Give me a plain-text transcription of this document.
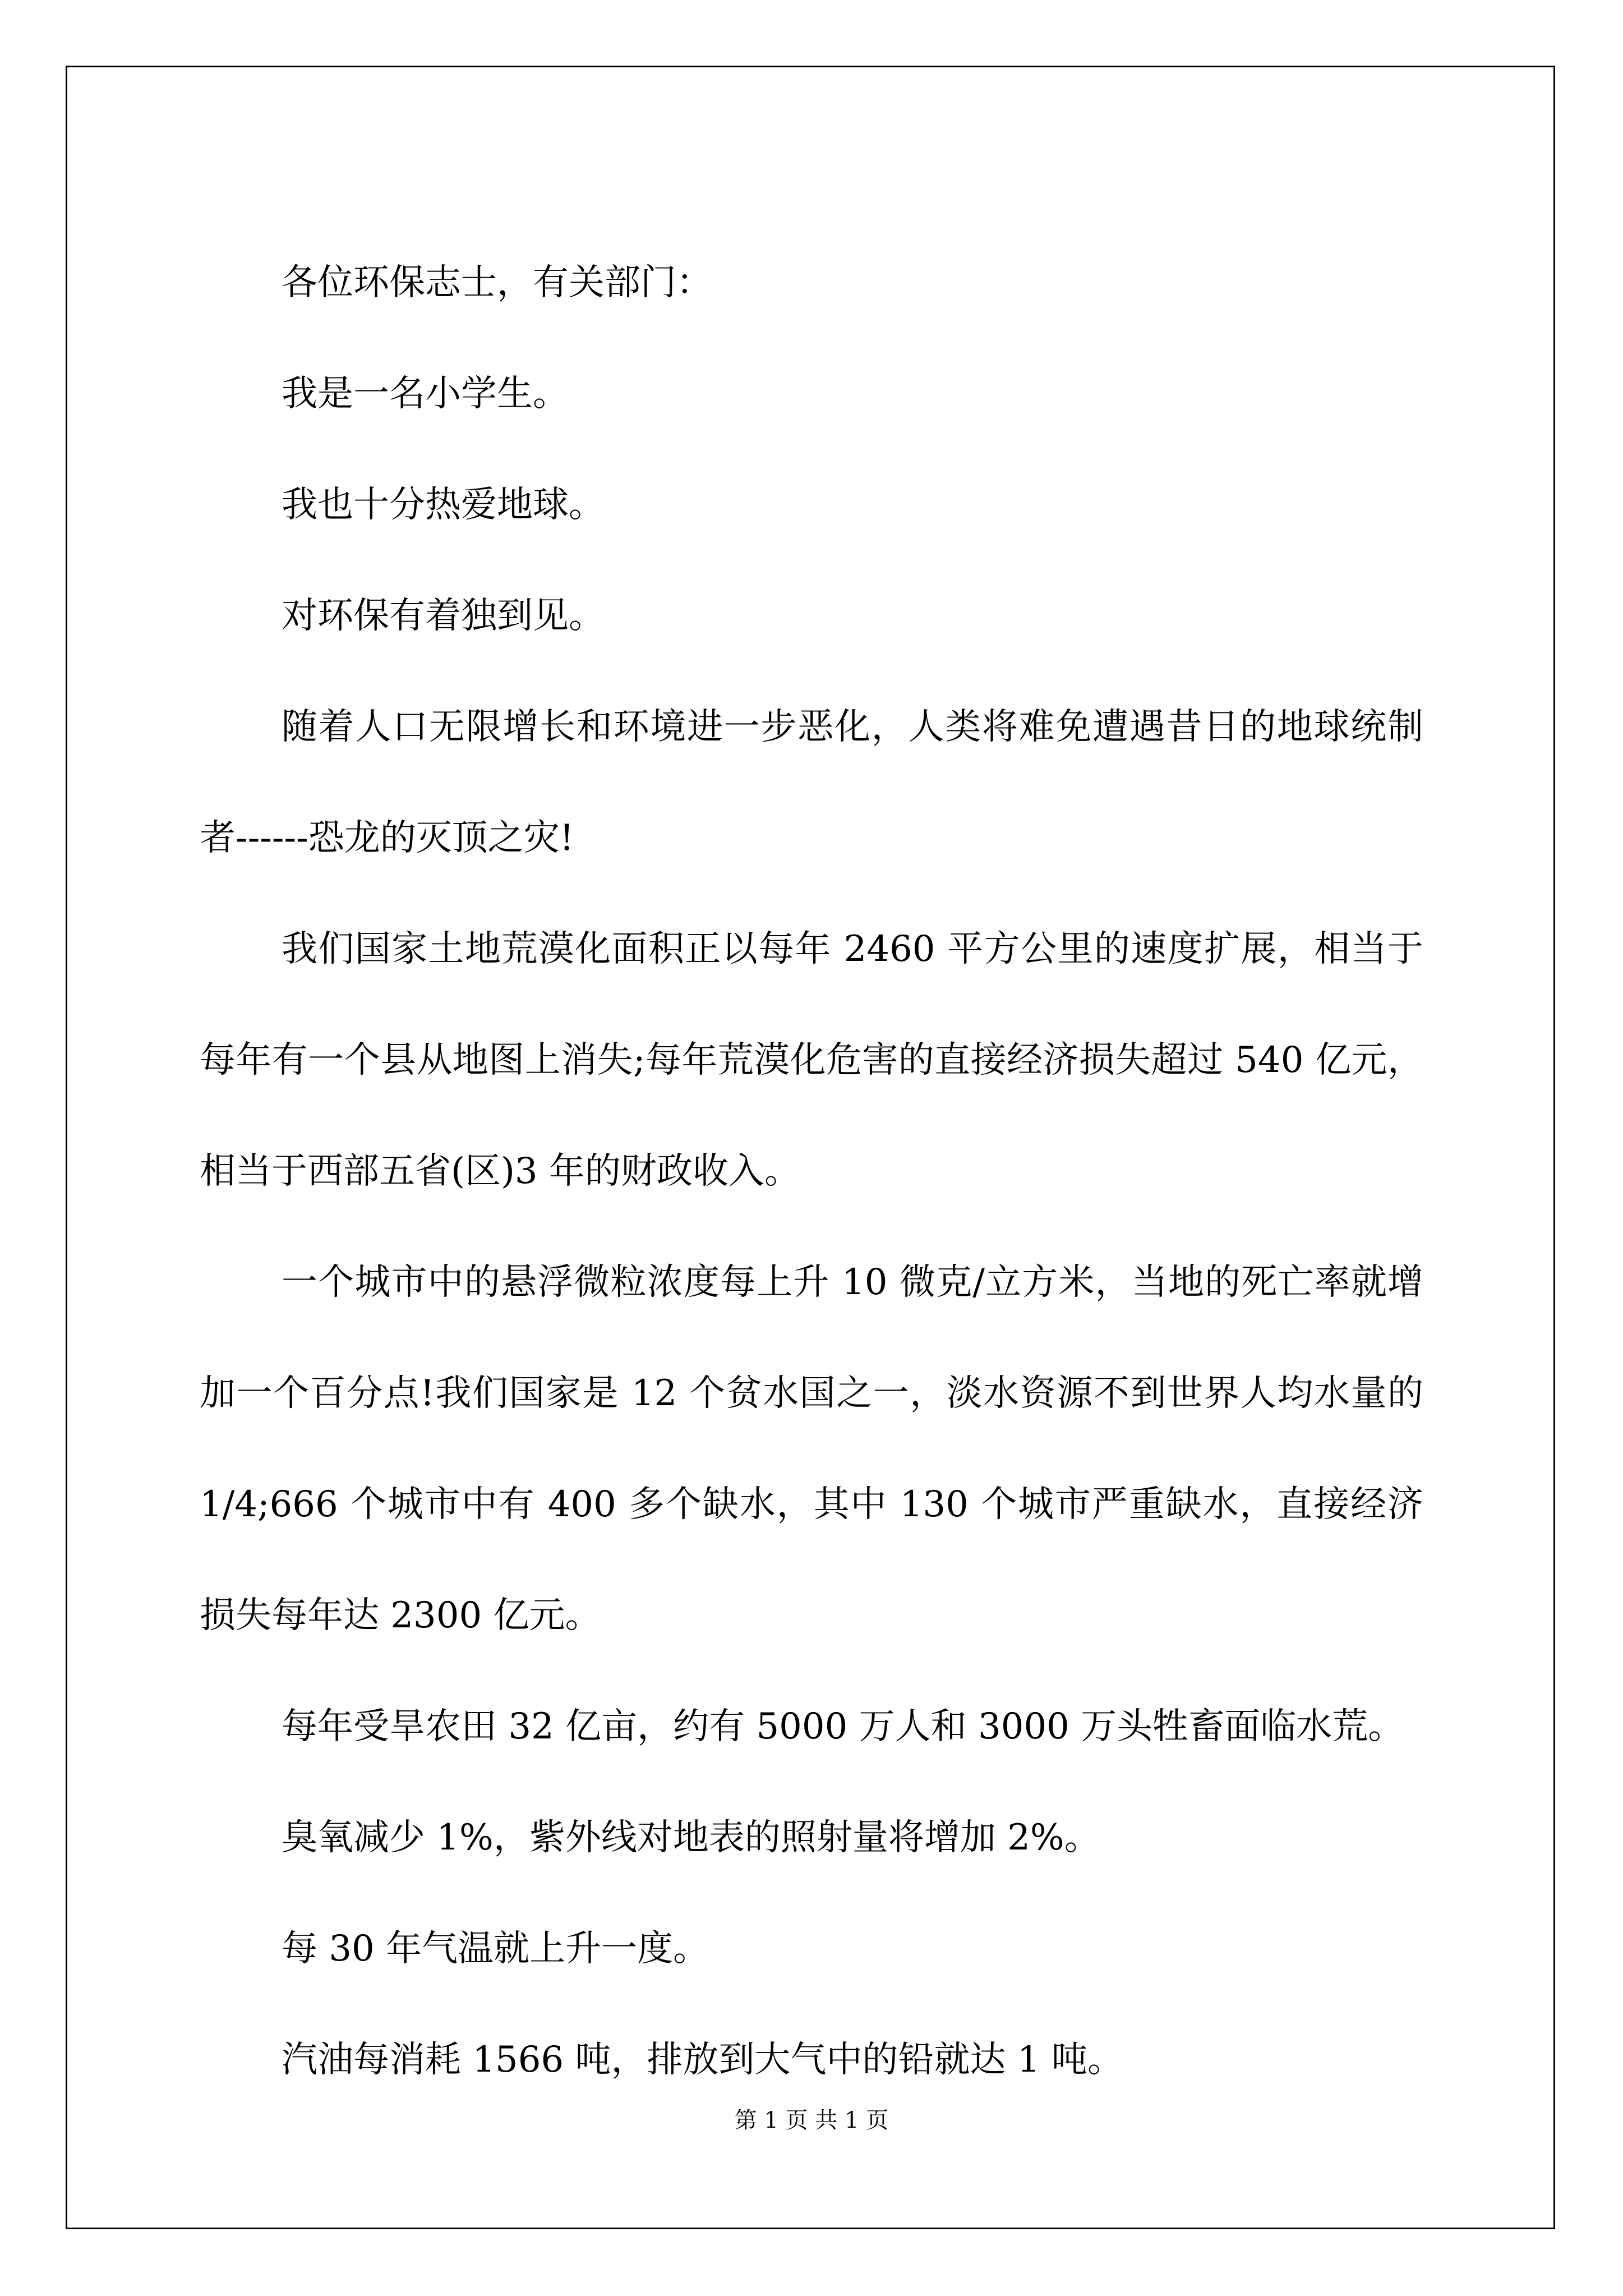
各位环保志士，有关部门：

我是一名小学生。

我也十分热爱地球。

对环保有着独到见。

随着人口无限增长和环境进一步恶化，人类将难免遭遇昔日的地球统制者------恐龙的灭顶之灾!

我们国家土地荒漠化面积正以每年 2460 平方公里的速度扩展，相当于每年有一个县从地图上消失;每年荒漠化危害的直接经济损失超过 540 亿元，相当于西部五省(区)3 年的财政收入。

一个城市中的悬浮微粒浓度每上升 10 微克/立方米，当地的死亡率就增加一个百分点!我们国家是 12 个贫水国之一，淡水资源不到世界人均水量的 1/4;666 个城市中有 400 多个缺水，其中 130 个城市严重缺水，直接经济损失每年达 2300 亿元。

每年受旱农田 32 亿亩，约有 5000 万人和 3000 万头牲畜面临水荒。

臭氧减少 1%，紫外线对地表的照射量将增加 2%。

每 30 年气温就上升一度。

汽油每消耗 1566 吨，排放到大气中的铅就达 1 吨。

第 1 页 共 1 页
